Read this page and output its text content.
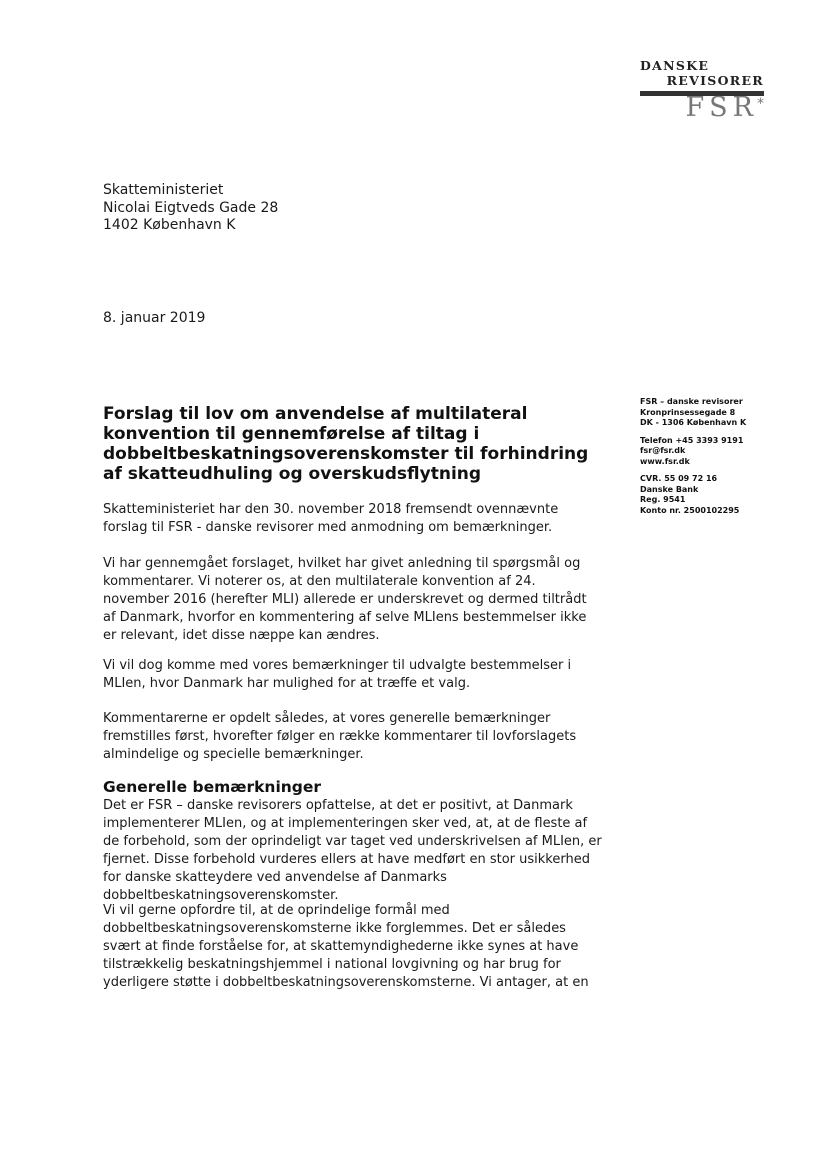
DANSKE
REVISORER
FSR *
Skatteministeriet
Nicolai Eigtveds Gade 28
1402 København K
8. januar 2019
FSR – danske revisorer
Kronprinsessegade 8
DK - 1306 København K
Telefon +45 3393 9191
fsr@fsr.dk
www.fsr.dk
CVR. 55 09 72 16
Danske Bank
Reg. 9541
Konto nr. 2500102295
Forslag til lov om anvendelse af multilateral konvention til gennemførelse af tiltag i dobbeltbeskatningsoverenskomster til forhindring af skatteudhuling og overskudsflytning
Skatteministeriet har den 30. november 2018 fremsendt ovennævnte forslag til FSR - danske revisorer med anmodning om bemærkninger.
Vi har gennemgået forslaget, hvilket har givet anledning til spørgsmål og kommentarer. Vi noterer os, at den multilaterale konvention af 24. november 2016 (herefter MLI) allerede er underskrevet og dermed tiltrådt af Danmark, hvorfor en kommentering af selve MLIens bestemmelser ikke er relevant, idet disse næppe kan ændres.
Vi vil dog komme med vores bemærkninger til udvalgte bestemmelser i MLIen, hvor Danmark har mulighed for at træffe et valg.
Kommentarerne er opdelt således, at vores generelle bemærkninger fremstilles først, hvorefter følger en række kommentarer til lovforslagets almindelige og specielle bemærkninger.
Generelle bemærkninger
Det er FSR – danske revisorers opfattelse, at det er positivt, at Danmark implementerer MLIen, og at implementeringen sker ved, at, at de fleste af de forbehold, som der oprindeligt var taget ved underskrivelsen af MLIen, er fjernet. Disse forbehold vurderes ellers at have medført en stor usikkerhed for danske skatteydere ved anvendelse af Danmarks dobbeltbeskatningsoverenskomster.
Vi vil gerne opfordre til, at de oprindelige formål med dobbeltbeskatningsoverenskomsterne ikke forglemmes. Det er således svært at finde forståelse for, at skattemyndighederne ikke synes at have tilstrækkelig beskatningshjemmel i national lovgivning og har brug for yderligere støtte i dobbeltbeskatningsoverenskomsterne. Vi antager, at en
